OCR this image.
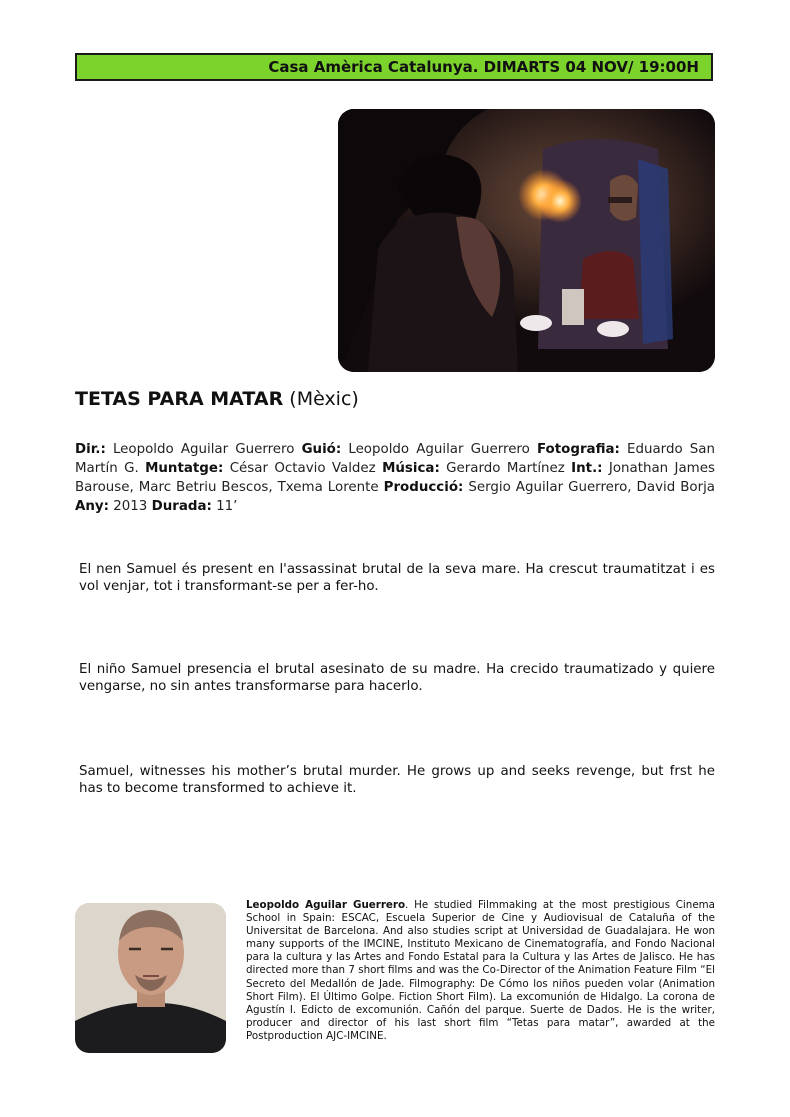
Casa Amèrica Catalunya. DIMARTS 04 NOV/ 19:00H
TETAS PARA MATAR (Mèxic)
Dir.: Leopoldo Aguilar Guerrero Guió: Leopoldo Aguilar Guerrero Fotografia: Eduardo San Martín G. Muntatge: César Octavio Valdez Música: Gerardo Martínez Int.: Jonathan James Barouse, Marc Betriu Bescos, Txema Lorente Producció: Sergio Aguilar Guerrero, David Borja Any: 2013 Durada: 11’
El nen Samuel és present en l'assassinat brutal de la seva mare. Ha crescut traumatitzat i es vol venjar, tot i transformant-se per a fer-ho.
El niño Samuel presencia el brutal asesinato de su madre. Ha crecido traumatizado y quiere vengarse, no sin antes transformarse para hacerlo.
Samuel, witnesses his mother’s brutal murder. He grows up and seeks revenge, but frst he has to become transformed to achieve it.
Leopoldo Aguilar Guerrero. He studied Filmmaking at the most prestigious Cinema School in Spain: ESCAC, Escuela Superior de Cine y Audiovisual de Cataluña of the Universitat de Barcelona. And also studies script at Universidad de Guadalajara. He won many supports of the IMCINE, Instituto Mexicano de Cinematografía, and Fondo Nacional para la cultura y las Artes and Fondo Estatal para la Cultura y las Artes de Jalisco. He has directed more than 7 short films and was the Co-Director of the Animation Feature Film “El Secreto del Medallón de Jade. Filmography: De Cómo los niños pueden volar (Animation Short Film). El Último Golpe. Fiction Short Film). La excomunión de Hidalgo. La corona de Agustín I. Edicto de excomunión. Cañón del parque. Suerte de Dados. He is the writer, producer and director of his last short film “Tetas para matar”, awarded at the Postproduction AJC-IMCINE.
